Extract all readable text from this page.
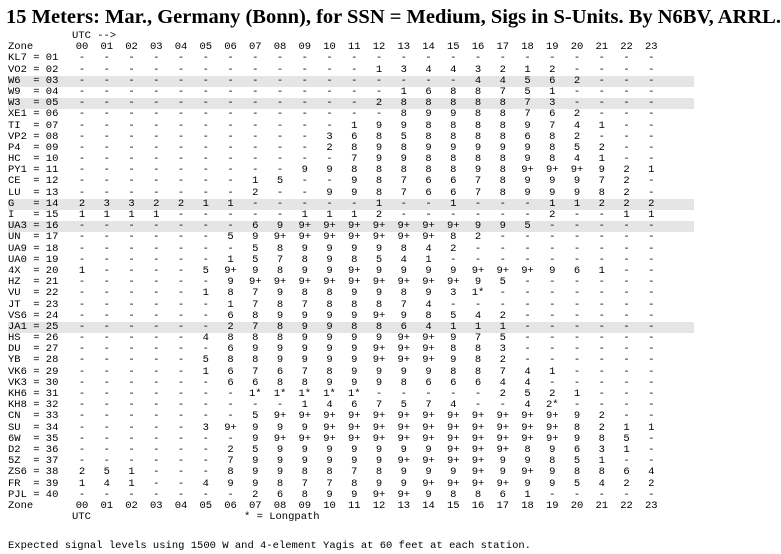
15 Meters: Mar., Germany (Bonn), for SSN = Medium, Sigs in S-Units. By N6BV, ARRL.
UTC -->
Zone	00	01	02	03	04	05	06	07	08	09	10	11	12	13	14	15	16	17	18	19	20	21	22	23
KL7 = 01	-	-	-	-	-	-	-	-	-	-	-	-	-	-	-	-	-	-	-	-	-	-	-	-
VO2 = 02	-	-	-	-	-	-	-	-	-	-	-	-	1	3	4	4	3	2	1	2	-	-	-	-
W6  = 03	-	-	-	-	-	-	-	-	-	-	-	-	-	-	-	-	4	4	5	6	2	-	-	-
W9  = 04	-	-	-	-	-	-	-	-	-	-	-	-	-	1	6	8	8	7	5	1	-	-	-	-
W3  = 05	-	-	-	-	-	-	-	-	-	-	-	-	2	8	8	8	8	8	7	3	-	-	-	-
XE1 = 06	-	-	-	-	-	-	-	-	-	-	-	-	-	8	9	9	8	8	7	6	2	-	-	-
TI  = 07	-	-	-	-	-	-	-	-	-	-	-	1	9	9	8	8	8	8	9	7	4	1	-	-
VP2 = 08	-	-	-	-	-	-	-	-	-	-	3	6	8	5	8	8	8	8	6	8	2	-	-	-
P4  = 09	-	-	-	-	-	-	-	-	-	-	2	8	9	8	9	9	9	9	9	8	5	2	-	-
HC  = 10	-	-	-	-	-	-	-	-	-	-	-	7	9	9	8	8	8	8	9	8	4	1	-	-
PY1 = 11	-	-	-	-	-	-	-	-	-	9	9	8	8	8	8	8	9	8	9+	9+	9+	9	2	1
CE  = 12	-	-	-	-	-	-	-	1	5	-	-	9	8	7	6	6	7	8	9	9	9	7	2	-
LU  = 13	-	-	-	-	-	-	-	2	-	-	9	9	8	7	6	6	7	8	9	9	9	8	2	-
G   = 14	2	3	3	2	2	1	1	-	-	-	-	-	1	-	-	1	-	-	-	1	1	2	2	2
I   = 15	1	1	1	1	-	-	-	-	-	1	1	1	2	-	-	-	-	-	-	2	-	-	1	1
UA3 = 16	-	-	-	-	-	-	-	6	9	9+	9+	9+	9+	9+	9+	9+	9	9	5	-	-	-	-	-
UN  = 17	-	-	-	-	-	-	5	9	9+	9+	9+	9+	9+	9+	9+	8	2	-	-	-	-	-	-	-
UA9 = 18	-	-	-	-	-	-	-	5	8	9	9	9	9	8	4	2	-	-	-	-	-	-	-	-
UA0 = 19	-	-	-	-	-	-	1	5	7	8	9	8	5	4	1	-	-	-	-	-	-	-	-	-
4X  = 20	1	-	-	-	-	5	9+	9	8	9	9	9+	9	9	9	9	9+	9+	9+	9	6	1	-	-
HZ  = 21	-	-	-	-	-	-	9	9+	9+	9+	9+	9+	9+	9+	9+	9+	9	5	-	-	-	-	-	-
VU  = 22	-	-	-	-	-	1	8	7	9	8	8	9	9	8	9	3	1*	-	-	-	-	-	-	-
JT  = 23	-	-	-	-	-	-	1	7	8	7	8	8	8	7	4	-	-	-	-	-	-	-	-	-
VS6 = 24	-	-	-	-	-	-	6	8	9	9	9	9	9+	9	8	5	4	2	-	-	-	-	-	-
JA1 = 25	-	-	-	-	-	-	2	7	8	9	9	8	8	6	4	1	1	1	-	-	-	-	-	-
HS  = 26	-	-	-	-	-	4	8	8	8	9	9	9	9	9+	9+	9	7	5	-	-	-	-	-	-
DU  = 27	-	-	-	-	-	-	6	9	9	9	9	9	9+	9+	9+	8	8	3	-	-	-	-	-	-
YB  = 28	-	-	-	-	-	5	8	8	9	9	9	9	9+	9+	9+	9	8	2	-	-	-	-	-	-
VK6 = 29	-	-	-	-	-	1	6	7	6	7	8	9	9	9	9	8	8	7	4	1	-	-	-	-
VK3 = 30	-	-	-	-	-	-	6	6	8	8	9	9	9	8	6	6	6	4	4	-	-	-	-	-
KH6 = 31	-	-	-	-	-	-	-	1*	1*	1*	1*	1*	-	-	-	-	-	2	5	2	1	-	-	-
KH8 = 32	-	-	-	-	-	-	-	-	-	1	4	6	7	5	7	4	-	-	4	2*	-	-	-	-
CN  = 33	-	-	-	-	-	-	-	5	9+	9+	9+	9+	9+	9+	9+	9+	9+	9+	9+	9+	9	2	-	-
SU  = 34	-	-	-	-	-	3	9+	9	9	9	9+	9+	9+	9+	9+	9+	9+	9+	9+	9+	8	2	1	1
6W  = 35	-	-	-	-	-	-	-	9	9+	9+	9+	9+	9+	9+	9+	9+	9+	9+	9+	9+	9	8	5	-
D2  = 36	-	-	-	-	-	-	2	5	9	9	9	9	9	9	9	9+	9+	9+	8	9	6	3	1	-
5Z  = 37	-	-	-	-	-	-	7	9	9	9	9	9	9	9+	9+	9+	9+	9	9	8	5	1	-	-
ZS6 = 38	2	5	1	-	-	-	8	9	9	8	8	7	8	9	9	9	9+	9	9+	9	8	8	6	4
FR  = 39	1	4	1	-	-	4	9	9	8	7	7	8	9	9	9+	9+	9+	9+	9	9	5	4	2	2
PJL = 40	-	-	-	-	-	-	-	2	6	8	9	9	9+	9+	9	8	8	6	1	-	-	-	-	-
Zone	00	01	02	03	04	05	06	07	08	09	10	11	12	13	14	15	16	17	18	19	20	21	22	23
UTC	* = Longpath
Expected signal levels using 1500 W and 4-element Yagis at 60 feet at each station.
